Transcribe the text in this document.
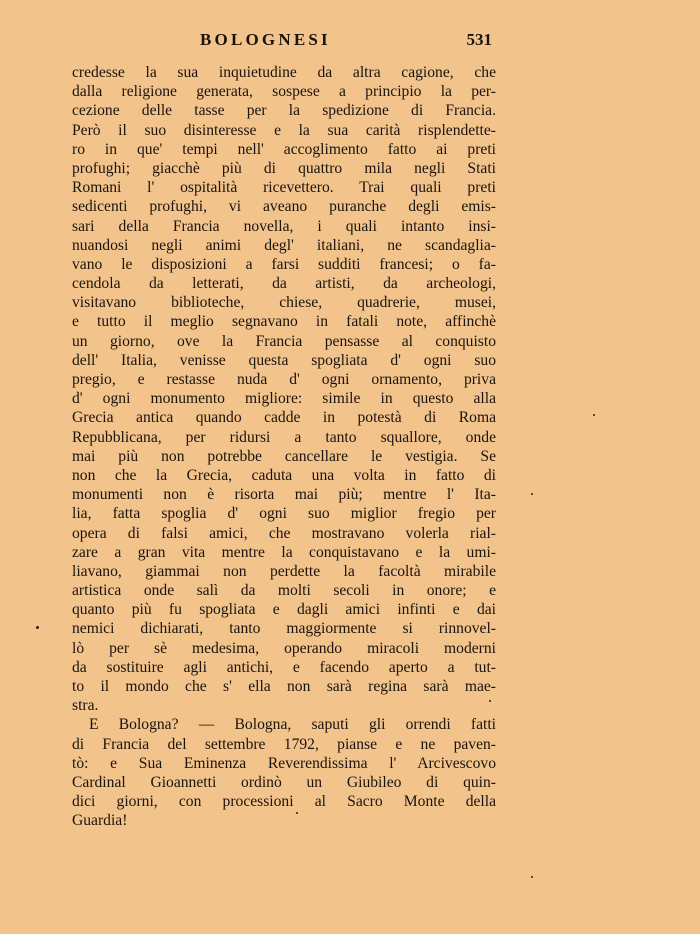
BOLOGNESI	531
credesse la sua inquietudine da altra cagione, che
dalla religione generata, sospese a principio la per-
cezione delle tasse per la spedizione di Francia.
Però il suo disinteresse e la sua carità risplendette-
ro in que' tempi nell' accoglimento fatto ai preti
profughi; giacchè più di quattro mila negli Stati
Romani l' ospitalità ricevettero. Trai quali preti
sedicenti profughi, vi aveano puranche degli emis-
sari della Francia novella, i quali intanto insi-
nuandosi negli animi degl' italiani, ne scandaglia-
vano le disposizioni a farsi sudditi francesi; o fa-
cendola da letterati, da artisti, da archeologi,
visitavano biblioteche, chiese, quadrerie, musei,
e tutto il meglio segnavano in fatali note, affinchè
un giorno, ove la Francia pensasse al conquisto
dell' Italia, venisse questa spogliata d' ogni suo
pregio, e restasse nuda d' ogni ornamento, priva
d' ogni monumento migliore: simile in questo alla
Grecia antica quando cadde in potestà di Roma
Repubblicana, per ridursi a tanto squallore, onde
mai più non potrebbe cancellare le vestigia. Se
non che la Grecia, caduta una volta in fatto di
monumenti non è risorta mai più; mentre l' Ita-
lia, fatta spoglia d' ogni suo miglior fregio per
opera di falsi amici, che mostravano volerla rial-
zare a gran vita mentre la conquistavano e la umi-
liavano, giammai non perdette la facoltà mirabile
artistica onde salì da molti secoli in onore; e
quanto più fu spogliata e dagli amici infinti e dai
nemici dichiarati, tanto maggiormente si rinnovel-
lò per sè medesima, operando miracoli moderni
da sostituire agli antichi, e facendo aperto a tut-
to il mondo che s' ella non sarà regina sarà mae-
stra.
E Bologna? — Bologna, saputi gli orrendi fatti
di Francia del settembre 1792, pianse e ne paven-
tò: e Sua Eminenza Reverendissima l' Arcivescovo
Cardinal Gioannetti ordinò un Giubileo di quin-
dici giorni, con processioni al Sacro Monte della
Guardia!
